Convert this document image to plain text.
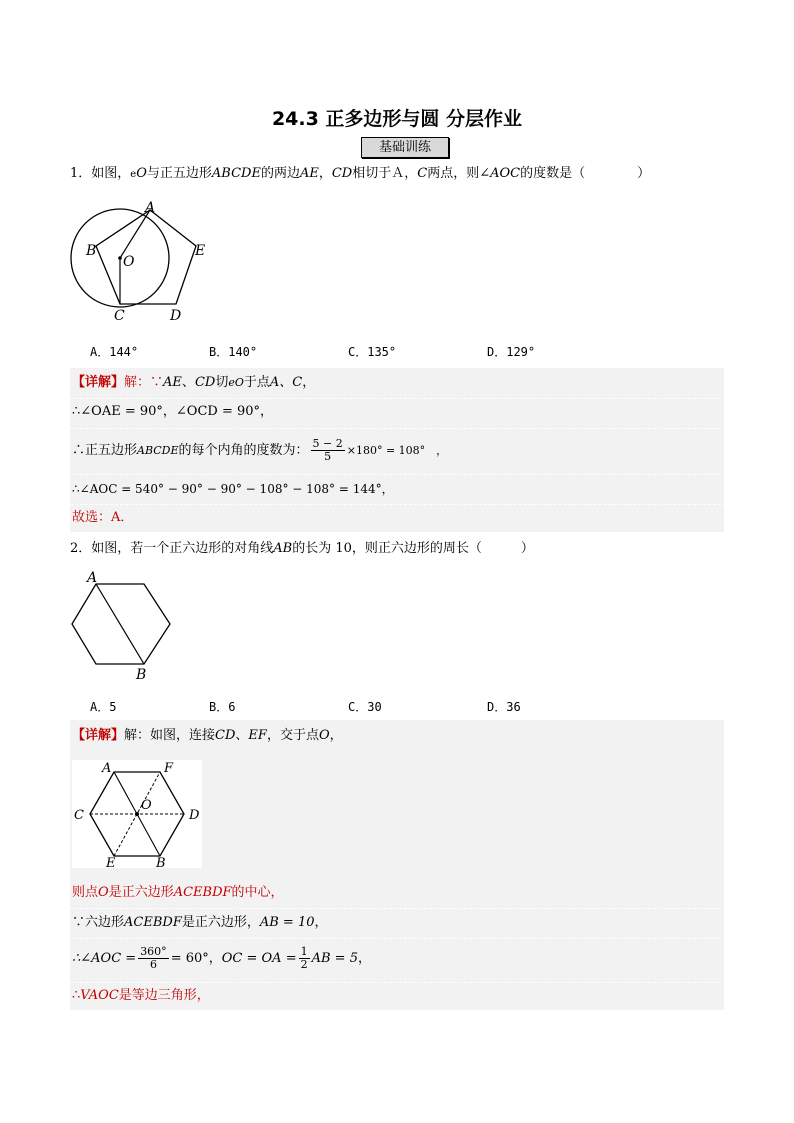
24.3 正多边形与圆 分层作业
基础训练
1．如图，eO与正五边形ABCDE的两边AE，CD相切于Ａ，C两点，则∠AOC的度数是（　　　　）
A
B
O
E
C	D
A．144°	B．140°	C．135°	D．129°
【详解】解：∵AE、CD切eO于点A、C，
∴∠OAE = 90°，∠OCD = 90°，
∴正五边形ABCDE的每个内角的度数为： $\frac{5 - 2}{5} \times 180^\circ = 108^\circ$　，
∴∠AOC = 540° − 90° − 90° − 108° − 108° = 144°，
故选：A．
2．如图，若一个正六边形的对角线AB的长为 10，则正六边形的周长（　　　）
A
B
A．5	B．6	C．30	D．36
【详解】解：如图，连接CD、EF，交于点O，
A	F
C
O
D
E	B
则点O是正六边形ACEBDF的中心，
∵六边形ACEBDF是正六边形，AB = 10，
∴∠AOC = $\frac{360^\circ}{6} = 60^\circ$，OC = OA = $\frac{1}{2}$ AB = 5，
∴VAOC是等边三角形，
